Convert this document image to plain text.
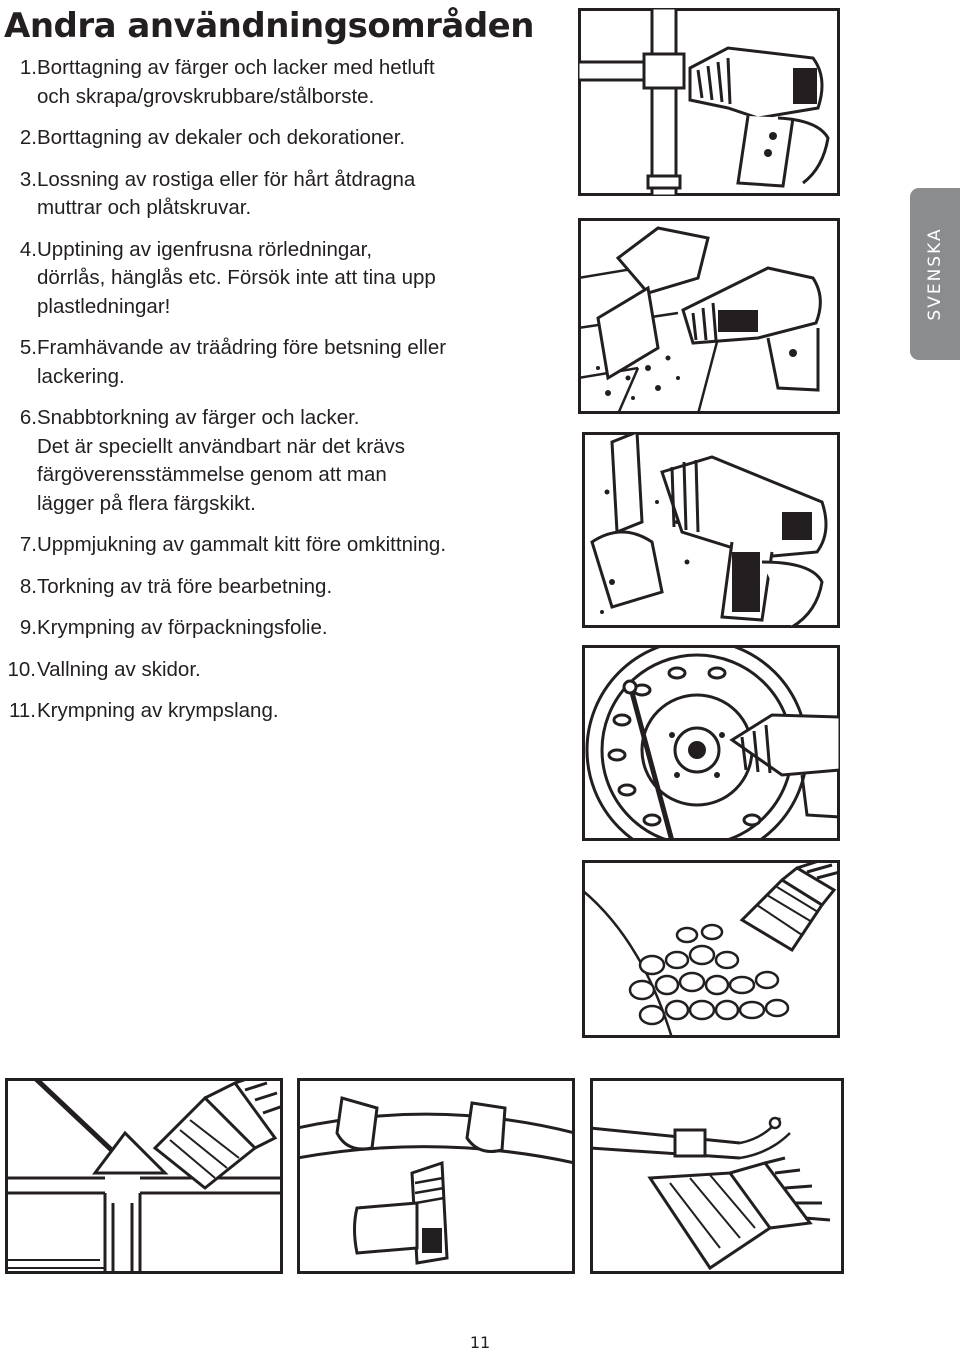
Andra användningsområden
1. Borttagning av färger och lacker med hetluft
och skrapa/grovskrubbare/stålborste.
2. Borttagning av dekaler och dekorationer.
3. Lossning av rostiga eller för hårt åtdragna
muttrar och plåtskruvar.
4. Upptining av igenfrusna rörledningar,
dörrlås, hänglås etc. Försök inte att tina upp
plastledningar!
5. Framhävande av träådring före betsning eller
lackering.
6. Snabbtorkning av färger och lacker.
Det är speciellt användbart när det krävs
färgöverensstämmelse genom att man
lägger på flera färgskikt.
7. Uppmjukning av gammalt kitt före omkittning.
8. Torkning av trä före bearbetning.
9. Krympning av förpackningsfolie.
10. Vallning av skidor.
11. Krympning av krympslang.
SVENSKA
11
